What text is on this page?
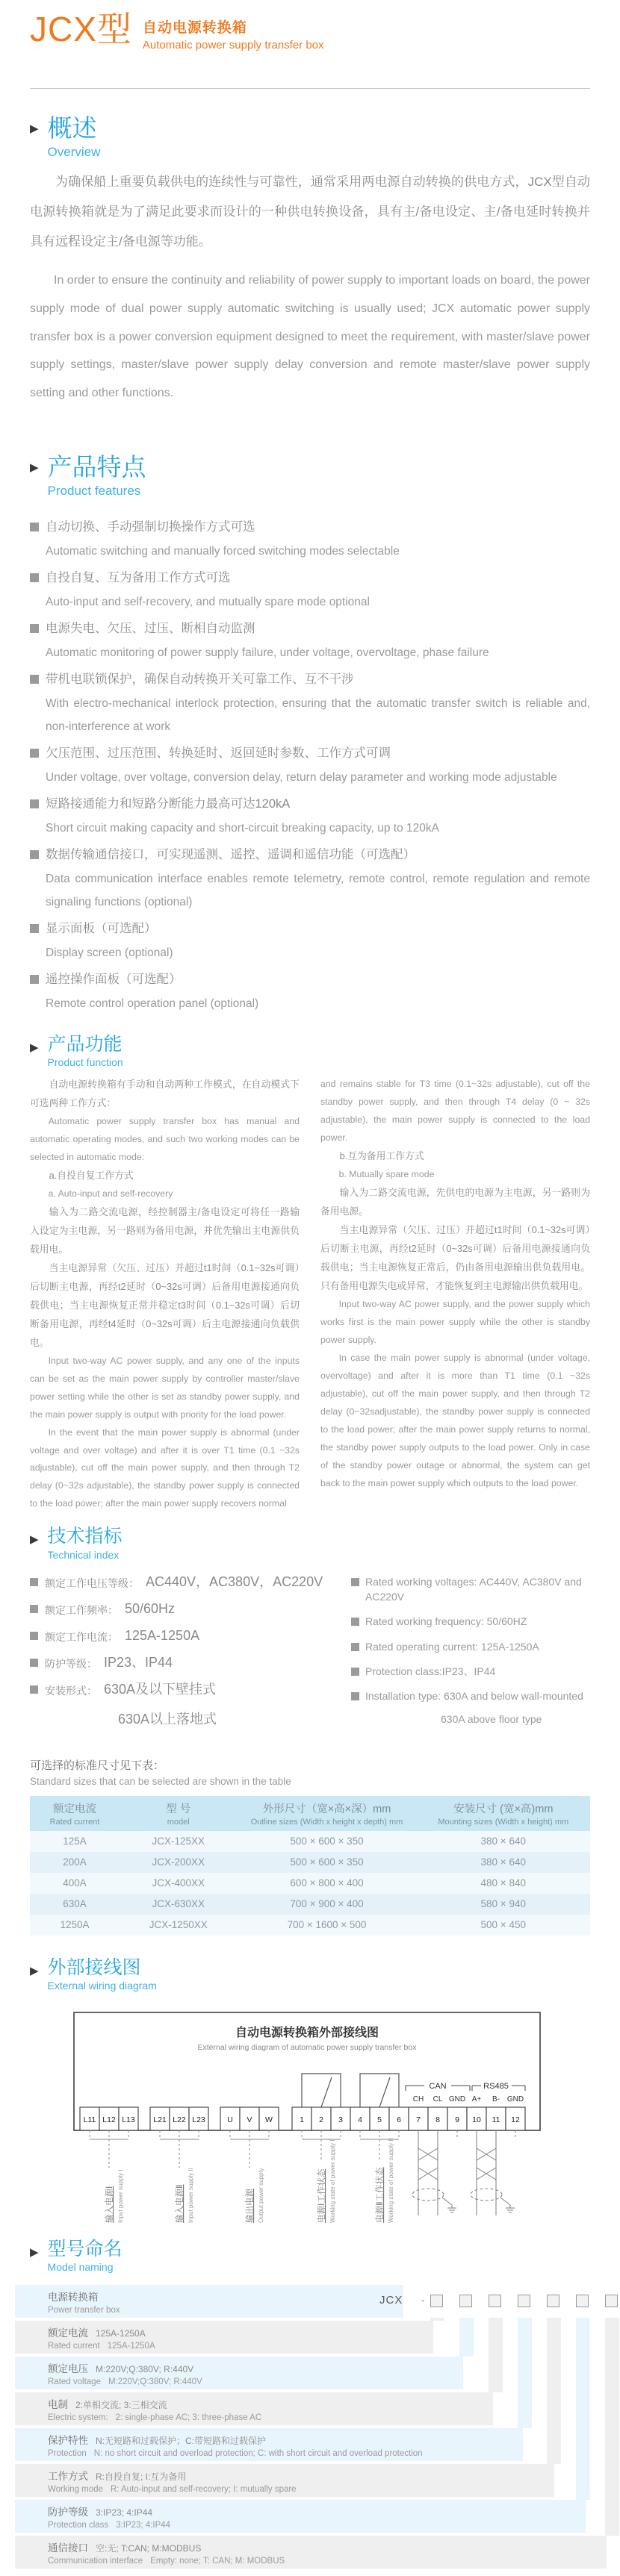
JCX型 自动电源转换箱
Automatic power supply transfer box
▶ 概述
Overview

为确保船上重要负载供电的连续性与可靠性，通常采用两电源自动转换的供电方式，JCX型自动电源转换箱就是为了满足此要求而设计的一种供电转换设备，具有主/备电设定、主/备电延时转换并具有远程设定主/备电源等功能。

In order to ensure the continuity and reliability of power supply to important loads on board, the power supply mode of dual power supply automatic switching is usually used; JCX automatic power supply transfer box is a power conversion equipment designed to meet the requirement, with master/slave power supply settings, master/slave power supply delay conversion and remote master/slave power supply setting and other functions.

▶ 产品特点
Product features
自动切换、手动强制切换操作方式可选
Automatic switching and manually forced switching modes selectable
自投自复、互为备用工作方式可选
Auto-input and self-recovery, and mutually spare mode optional
电源失电、欠压、过压、断相自动监测
Automatic monitoring of power supply failure, under voltage, overvoltage, phase failure
带机电联锁保护，确保自动转换开关可靠工作、互不干涉
With electro-mechanical interlock protection, ensuring that the automatic transfer switch is reliable and, non-interference at work
欠压范围、过压范围、转换延时、返回延时参数、工作方式可调
Under voltage, over voltage, conversion delay, return delay parameter and working mode adjustable
短路接通能力和短路分断能力最高可达120kA
Short circuit making capacity and short-circuit breaking capacity, up to 120kA
数据传输通信接口，可实现遥测、遥控、遥调和遥信功能（可选配）
Data communication interface enables remote telemetry, remote control, remote regulation and remote signaling functions (optional)
显示面板（可选配）
Display screen (optional)
遥控操作面板（可选配）
Remote control operation panel (optional)
▶ 产品功能
Product function

自动电源转换箱有手动和自动两种工作模式，在自动模式下可选两种工作方式：

Automatic power supply transfer box has manual and automatic operating modes, and such two working modes can be selected in automatic mode:

a.自投自复工作方式

a. Auto-input and self-recovery

输入为二路交流电源，经控制器主/备电设定可将任一路输入设定为主电源，另一路则为备用电源，并优先输出主电源供负载用电。

当主电源异常（欠压、过压）并超过t1时间（0.1~32s可调）后切断主电源，再经t2延时（0~32s可调）后备用电源接通向负载供电；当主电源恢复正常并稳定t3时间（0.1~32s可调）后切断备用电源，再经t4延时（0~32s可调）后主电源接通向负载供电。

Input two-way AC power supply, and any one of the inputs can be set as the main power supply by controller master/slave power setting while the other is set as standby power supply, and the main power supply is output with priority for the load power.

In the event that the main power supply is abnormal (under voltage and over voltage) and after it is over T1 time (0.1 ~32s adjustable), cut off the main power supply, and then through T2 delay (0~32s adjustable), the standby power supply is connected to the load power; after the main power supply recovers normal

and remains stable for T3 time (0.1~32s adjustable), cut off the standby power supply, and then through T4 delay (0 ~ 32s adjustable), the main power supply is connected to the load power.

b.互为备用工作方式

b. Mutually spare mode

输入为二路交流电源，先供电的电源为主电源，另一路则为备用电源。

当主电源异常（欠压、过压）并超过t1时间（0.1~32s可调）后切断主电源，再经t2延时（0~32s可调）后备用电源接通向负载供电；当主电源恢复正常后，仍由备用电源输出供负载用电。只有备用电源失电或异常，才能恢复到主电源输出供负载用电。

Input two-way AC power supply, and the power supply which works first is the main power supply while the other is standby power supply.

In case the main power supply is abnormal (under voltage, overvoltage) and after it is more than T1 time (0.1 ~32s adjustable), cut off the main power supply, and then through T2 delay (0~32sadjustable), the standby power supply is connected to the load power; after the main power supply returns to normal, the standby power supply outputs to the load power. Only in case of the standby power outage or abnormal, the system can get back to the main power supply which outputs to the load power.

▶ 技术指标
Technical index
额定工作电压等级： AC440V，AC380V，AC220V
额定工作频率： 50/60Hz
额定工作电流： 125A-1250A
防护等级： IP23、IP44
安装形式： 630A及以下壁挂式
630A以上落地式
Rated working voltages: AC440V, AC380V and AC220V
Rated working frequency: 50/60HZ
Rated operating current: 125A-1250A
Protection class:IP23、IP44
Installation type: 630A and below wall-mounted
630A above floor type
可选择的标准尺寸见下表：
Standard sizes that can be selected are shown in the table
额定电流
Rated current

型 号
model

外形尺寸（宽×高×深）mm
Outline sizes (Width x height x depth) mm

安装尺寸 (宽×高)mm
Mounting sizes (Width x height) mm

125A	JCX-125XX	500 × 600 × 350	380 × 640
200A	JCX-200XX	500 × 600 × 350	380 × 640
400A	JCX-400XX	600 × 800 × 400	480 × 840
630A	JCX-630XX	700 × 900 × 400	580 × 940
1250A	JCX-1250XX	700 × 1600 × 500	500 × 450
▶ 外部接线图
External wiring diagram
自动电源转换箱外部接线图
External wiring diagram of automatic power supply transfer box
CAN	RS485
CH CL GND A+ B- GND
L11 L12 L13 L21 L22 L23	U V W	1 2 3 4 5 6 7 8 9 10 11 12
输入电源Ⅰ Input power supply I	输入电源Ⅱ Input power supply II	输出电源 Output power supply	电源Ⅰ工作状态 Working state of power supply I	电源Ⅱ工作状态 Working state of power supply II
▶ 型号命名
Model naming
电源转换箱
Power transfer box
额定电流 125A-1250A
Rated current 125A-1250A
额定电压 M:220V;Q:380V; R:440V
Rated voltage M:220V;Q:380V; R:440V
电制 2:单相交流; 3:三相交流
Electric system: 2: single-phase AC; 3: three-phase AC
保护特性 N:无短路和过载保护；C:带短路和过载保护
Protection N: no short circuit and overload protection; C: with short circuit and overload protection
工作方式 R:自投自复; I:互为备用
Working mode R: Auto-input and self-recovery; I: mutually spare
防护等级 3:IP23; 4:IP44
Protection class 3:IP23; 4:IP44
通信接口 空:无; T:CAN; M:MODBUS
Communication interface Empty: none; T: CAN; M: MODBUS
JCX -
